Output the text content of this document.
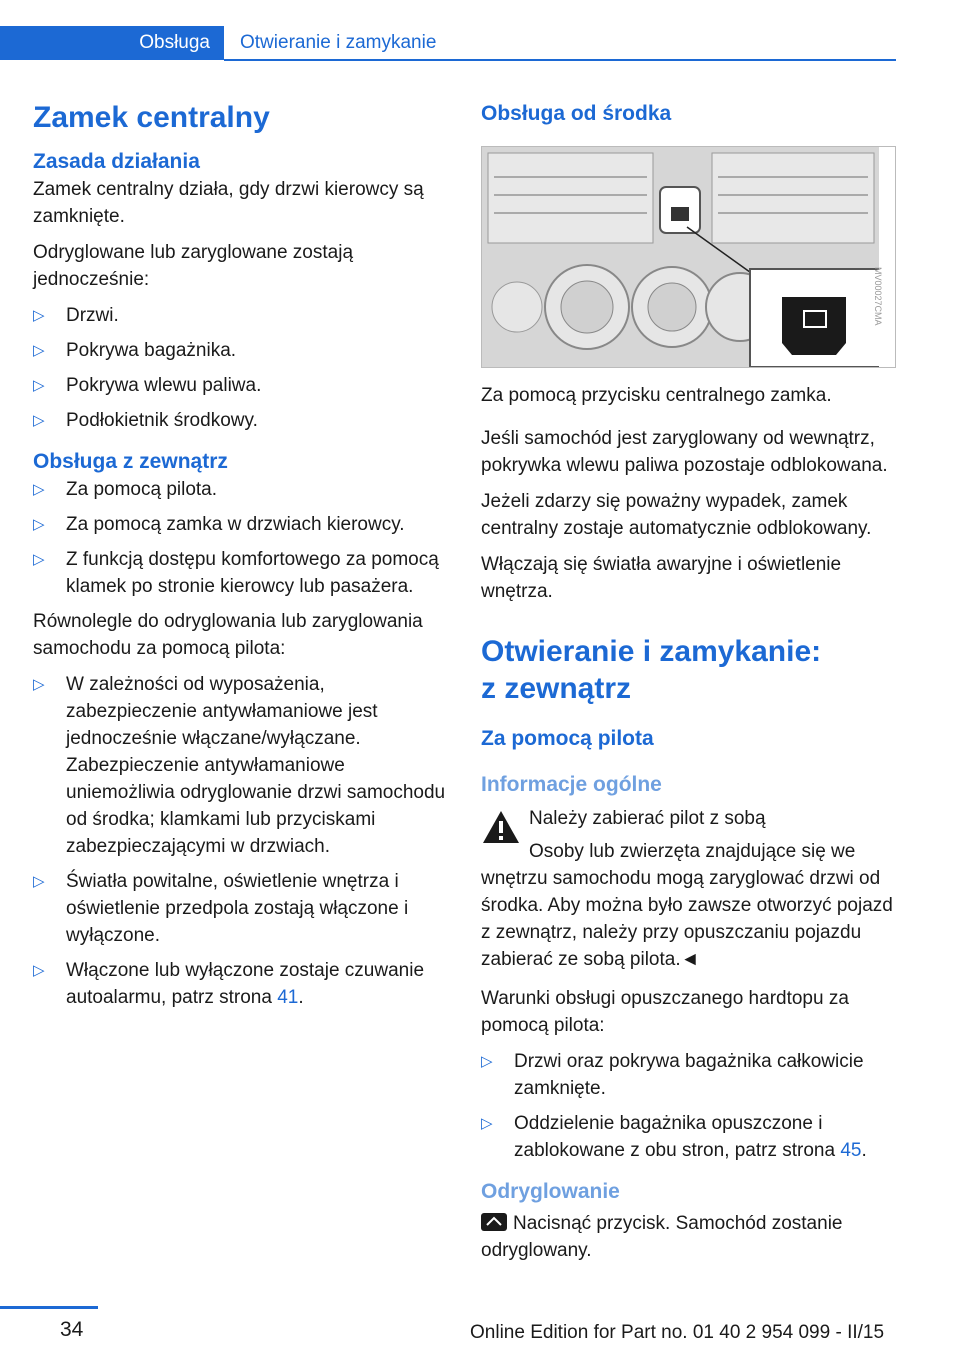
Obsługa	Otwieranie i zamykanie
Zamek centralny
Zasada działania

Zamek centralny działa, gdy drzwi kierowcy są zamknięte.

Odryglowane lub zaryglowane zostają jednocześnie:

▷ Drzwi.
▷ Pokrywa bagażnika.
▷ Pokrywa wlewu paliwa.
▷ Podłokietnik środkowy.
Obsługa z zewnątrz
▷ Za pomocą pilota.
▷ Za pomocą zamka w drzwiach kierowcy.
▷ Z funkcją dostępu komfortowego za pomocą klamek po stronie kierowcy lub pasażera.

Równolegle do odryglowania lub zaryglowania samochodu za pomocą pilota:

▷ W zależności od wyposażenia, zabezpieczenie antywłamaniowe jest jednocześnie włączane/wyłączane. Zabezpieczenie antywłamaniowe uniemożliwia odryglowanie drzwi samochodu od środka; klamkami lub przyciskami zabezpieczającymi w drzwiach.
▷ Światła powitalne, oświetlenie wnętrza i oświetlenie przedpola zostają włączone i wyłączone.
▷ Włączone lub wyłączone zostaje czuwanie autoalarmu, patrz strona 41.
Obsługa od środka
MV00027CMA

Za pomocą przycisku centralnego zamka.

Jeśli samochód jest zaryglowany od wewnątrz, pokrywka wlewu paliwa pozostaje odblokowana.

Jeżeli zdarzy się poważny wypadek, zamek centralny zostaje automatycznie odblokowany.

Włączają się światła awaryjne i oświetlenie wnętrza.

Otwieranie i zamykanie: z zewnątrz
Za pomocą pilota
Informacje ogólne
Należy zabierać pilot z sobą

Osoby lub zwierzęta znajdujące się we wnętrzu samochodu mogą zaryglować drzwi od środka. Aby można było zawsze otworzyć pojazd z zewnątrz, należy przy opuszczaniu pojazdu zabierać ze sobą pilota.◄

Warunki obsługi opuszczanego hardtopu za pomocą pilota:

▷ Drzwi oraz pokrywa bagażnika całkowicie zamknięte.
▷ Oddzielenie bagażnika opuszczone i zablokowane z obu stron, patrz strona 45.
Odryglowanie

Nacisnąć przycisk. Samochód zostanie odryglowany.

34	Online Edition for Part no. 01 40 2 954 099 - II/15
